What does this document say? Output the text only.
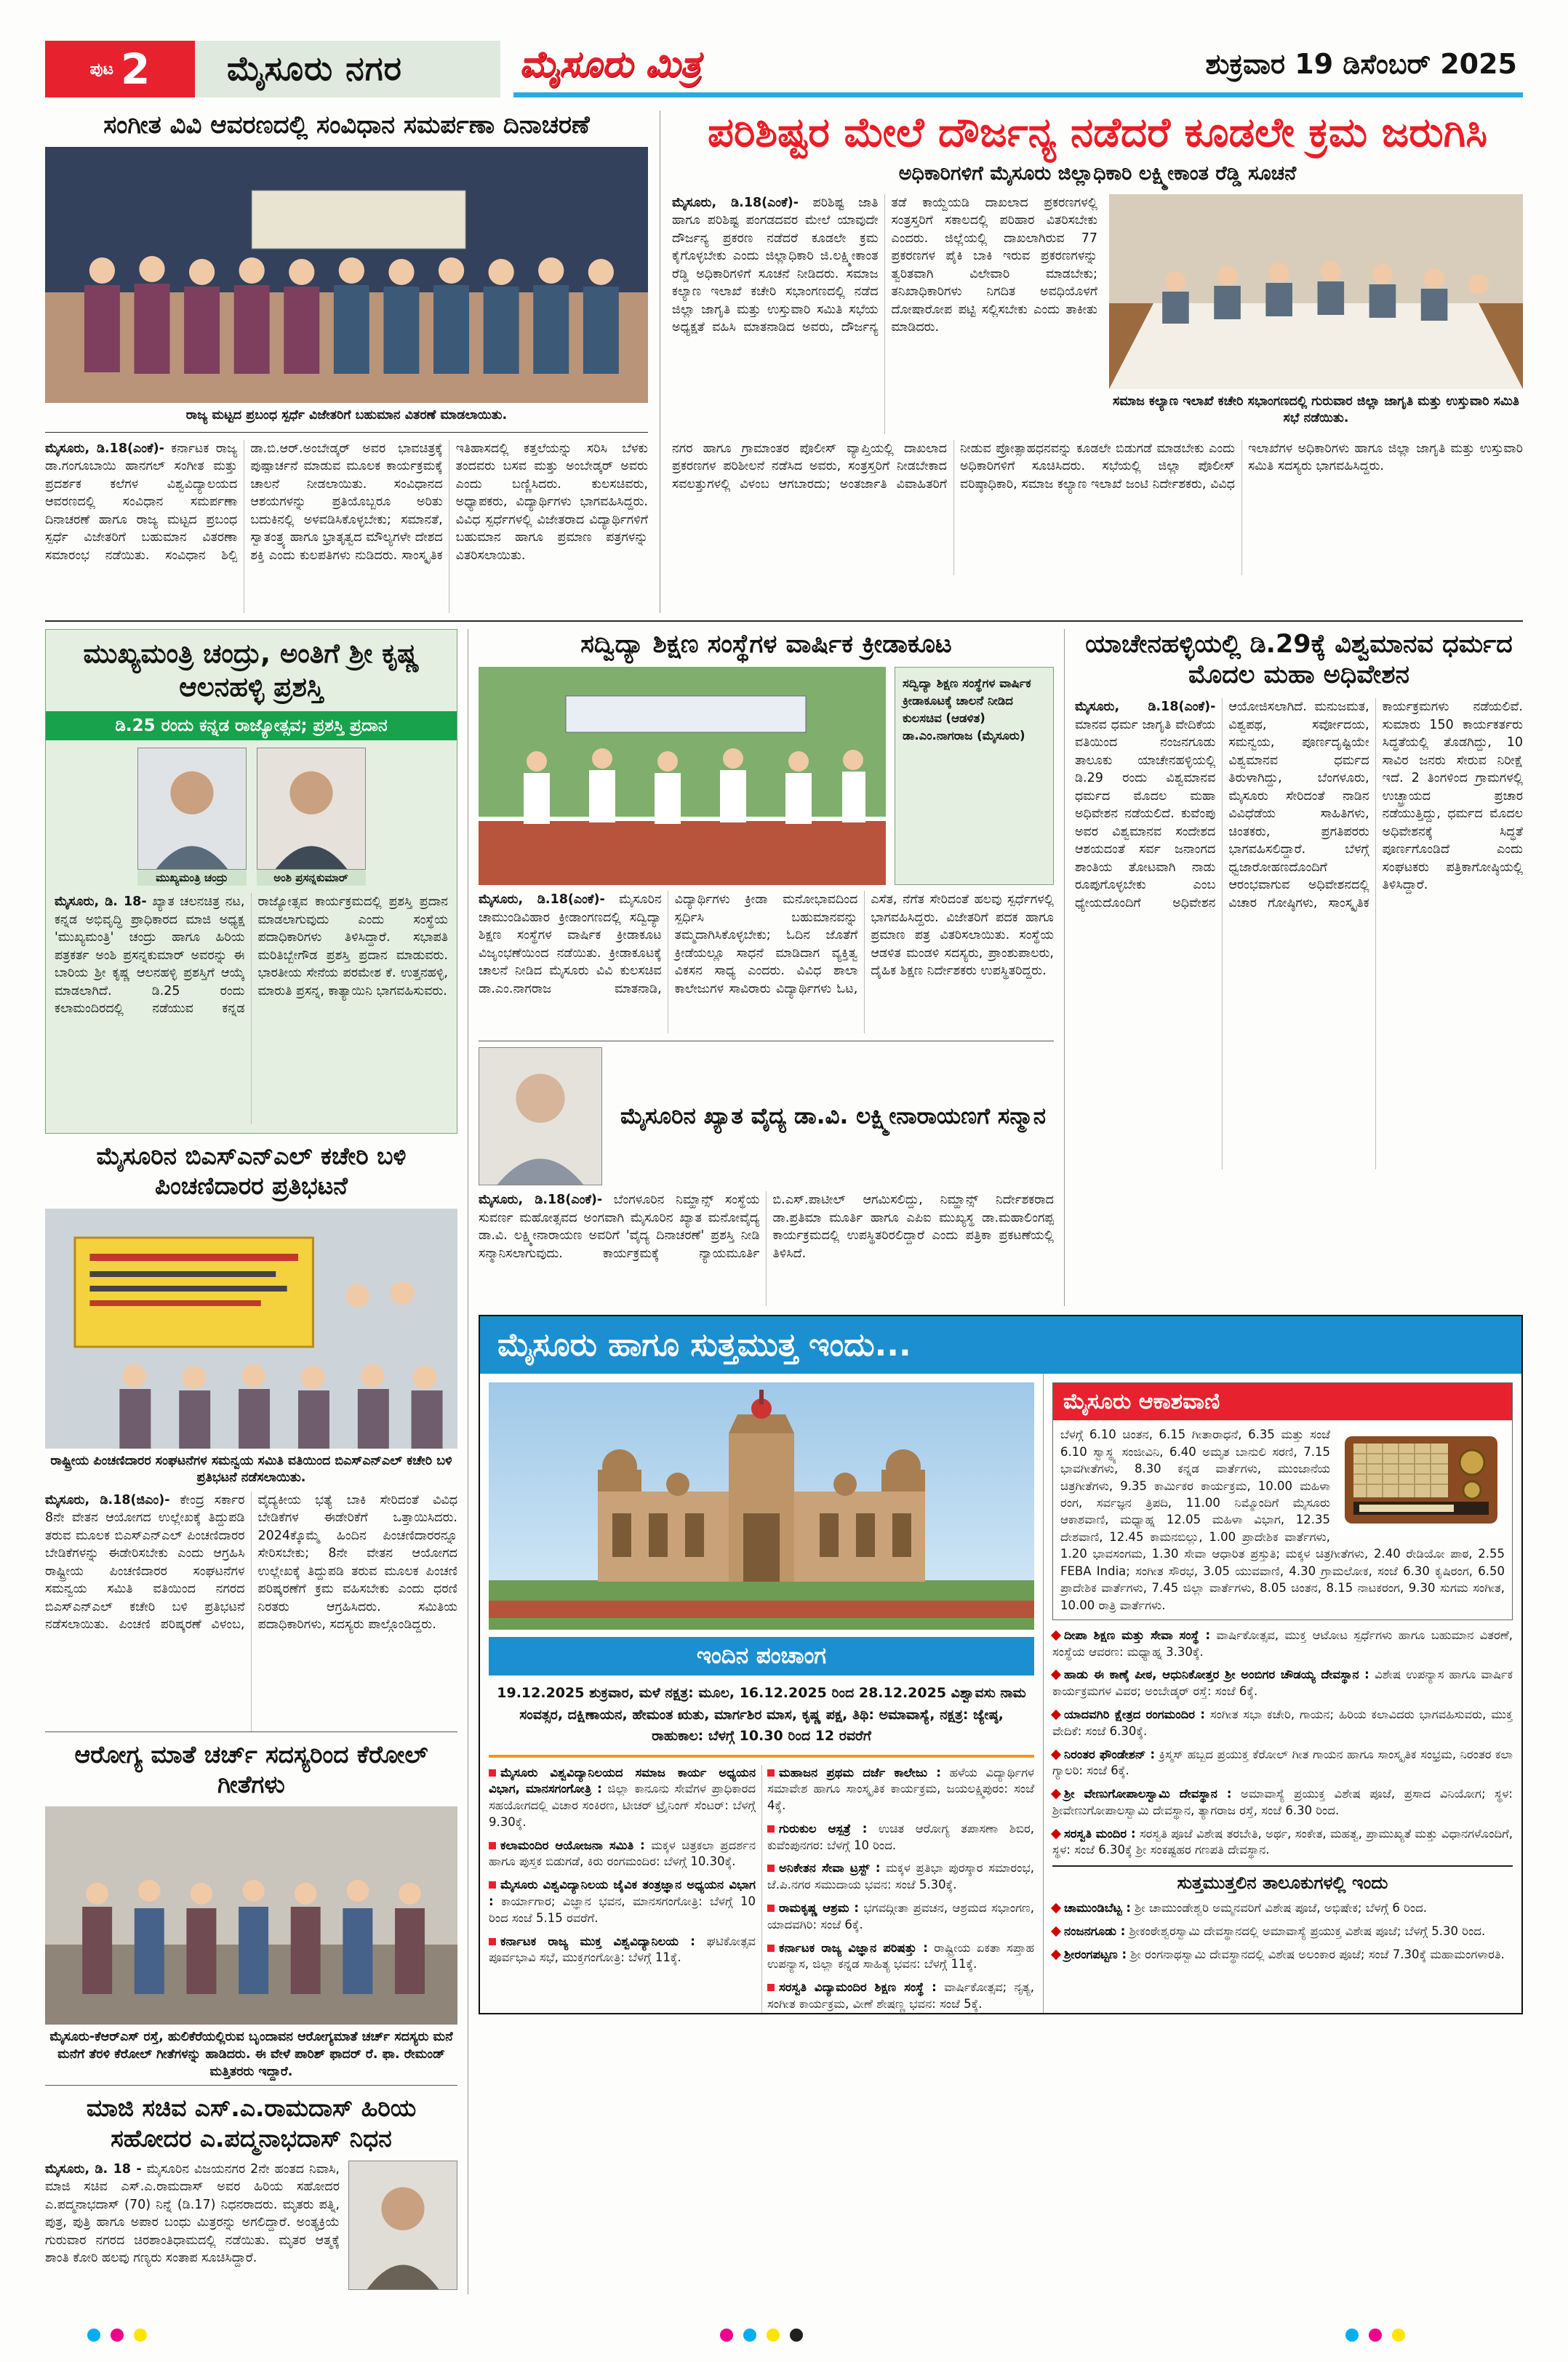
ಪುಟ 2 ಮೈಸೂರು ನಗರ	ಮೈಸೂರು ಮಿತ್ರ	ಶುಕ್ರವಾರ 19 ಡಿಸೆಂಬರ್ 2025
ಸಂಗೀತ ವಿವಿ ಆವರಣದಲ್ಲಿ ಸಂವಿಧಾನ ಸಮರ್ಪಣಾ ದಿನಾಚರಣೆ
ರಾಜ್ಯ ಮಟ್ಟದ ಪ್ರಬಂಧ ಸ್ಪರ್ಧೆ ವಿಜೇತರಿಗೆ ಬಹುಮಾನ ವಿತರಣೆ ಮಾಡಲಾಯಿತು.
ಮೈಸೂರು, ಡಿ.18(ಎಂಕೆ)- ಕರ್ನಾಟಕ ರಾಜ್ಯ ಡಾ.ಗಂಗೂಬಾಯಿ ಹಾನಗಲ್ ಸಂಗೀತ ಮತ್ತು ಪ್ರದರ್ಶಕ ಕಲೆಗಳ ವಿಶ್ವವಿದ್ಯಾಲಯದ ಆವರಣದಲ್ಲಿ ಸಂವಿಧಾನ ಸಮರ್ಪಣಾ ದಿನಾಚರಣೆ ಹಾಗೂ ರಾಜ್ಯ ಮಟ್ಟದ ಪ್ರಬಂಧ ಸ್ಪರ್ಧೆ ವಿಜೇತರಿಗೆ ಬಹುಮಾನ ವಿತರಣಾ ಸಮಾರಂಭ ನಡೆಯಿತು. ಸಂವಿಧಾನ ಶಿಲ್ಪಿ ಡಾ.ಬಿ.ಆರ್.ಅಂಬೇಡ್ಕರ್ ಅವರ ಭಾವಚಿತ್ರಕ್ಕೆ ಪುಷ್ಪಾರ್ಚನೆ ಮಾಡುವ ಮೂಲಕ ಕಾರ್ಯಕ್ರಮಕ್ಕೆ ಚಾಲನೆ ನೀಡಲಾಯಿತು. ಸಂವಿಧಾನದ ಆಶಯಗಳನ್ನು ಪ್ರತಿಯೊಬ್ಬರೂ ಅರಿತು ಬದುಕಿನಲ್ಲಿ ಅಳವಡಿಸಿಕೊಳ್ಳಬೇಕು; ಸಮಾನತೆ, ಸ್ವಾತಂತ್ರ್ಯ ಹಾಗೂ ಭ್ರಾತೃತ್ವದ ಮೌಲ್ಯಗಳೇ ದೇಶದ ಶಕ್ತಿ ಎಂದು ಕುಲಪತಿಗಳು ನುಡಿದರು. ಸಾಂಸ್ಕೃತಿಕ ಇತಿಹಾಸದಲ್ಲಿ ಕತ್ತಲೆಯನ್ನು ಸರಿಸಿ ಬೆಳಕು ತಂದವರು ಬಸವ ಮತ್ತು ಅಂಬೇಡ್ಕರ್ ಅವರು ಎಂದು ಬಣ್ಣಿಸಿದರು. ಕುಲಸಚಿವರು, ಅಧ್ಯಾಪಕರು, ವಿದ್ಯಾರ್ಥಿಗಳು ಭಾಗವಹಿಸಿದ್ದರು. ವಿವಿಧ ಸ್ಪರ್ಧೆಗಳಲ್ಲಿ ವಿಜೇತರಾದ ವಿದ್ಯಾರ್ಥಿಗಳಿಗೆ ಬಹುಮಾನ ಹಾಗೂ ಪ್ರಮಾಣ ಪತ್ರಗಳನ್ನು ವಿತರಿಸಲಾಯಿತು.
ಪರಿಶಿಷ್ಟರ ಮೇಲೆ ದೌರ್ಜನ್ಯ ನಡೆದರೆ ಕೂಡಲೇ ಕ್ರಮ ಜರುಗಿಸಿ
ಅಧಿಕಾರಿಗಳಿಗೆ ಮೈಸೂರು ಜಿಲ್ಲಾಧಿಕಾರಿ ಲಕ್ಷ್ಮೀಕಾಂತ ರೆಡ್ಡಿ ಸೂಚನೆ
ಮೈಸೂರು, ಡಿ.18(ಎಂಕೆ)- ಪರಿಶಿಷ್ಟ ಜಾತಿ ಹಾಗೂ ಪರಿಶಿಷ್ಟ ಪಂಗಡದವರ ಮೇಲೆ ಯಾವುದೇ ದೌರ್ಜನ್ಯ ಪ್ರಕರಣ ನಡೆದರೆ ಕೂಡಲೇ ಕ್ರಮ ಕೈಗೊಳ್ಳಬೇಕು ಎಂದು ಜಿಲ್ಲಾಧಿಕಾರಿ ಜಿ.ಲಕ್ಷ್ಮೀಕಾಂತ ರೆಡ್ಡಿ ಅಧಿಕಾರಿಗಳಿಗೆ ಸೂಚನೆ ನೀಡಿದರು. ಸಮಾಜ ಕಲ್ಯಾಣ ಇಲಾಖೆ ಕಚೇರಿ ಸಭಾಂಗಣದಲ್ಲಿ ನಡೆದ ಜಿಲ್ಲಾ ಜಾಗೃತಿ ಮತ್ತು ಉಸ್ತುವಾರಿ ಸಮಿತಿ ಸಭೆಯ ಅಧ್ಯಕ್ಷತೆ ವಹಿಸಿ ಮಾತನಾಡಿದ ಅವರು, ದೌರ್ಜನ್ಯ ತಡೆ ಕಾಯ್ದೆಯಡಿ ದಾಖಲಾದ ಪ್ರಕರಣಗಳಲ್ಲಿ ಸಂತ್ರಸ್ತರಿಗೆ ಸಕಾಲದಲ್ಲಿ ಪರಿಹಾರ ವಿತರಿಸಬೇಕು ಎಂದರು. ಜಿಲ್ಲೆಯಲ್ಲಿ ದಾಖಲಾಗಿರುವ 77 ಪ್ರಕರಣಗಳ ಪೈಕಿ ಬಾಕಿ ಇರುವ ಪ್ರಕರಣಗಳನ್ನು ತ್ವರಿತವಾಗಿ ವಿಲೇವಾರಿ ಮಾಡಬೇಕು; ತನಿಖಾಧಿಕಾರಿಗಳು ನಿಗದಿತ ಅವಧಿಯೊಳಗೆ ದೋಷಾರೋಪ ಪಟ್ಟಿ ಸಲ್ಲಿಸಬೇಕು ಎಂದು ತಾಕೀತು ಮಾಡಿದರು.
ಸಮಾಜ ಕಲ್ಯಾಣ ಇಲಾಖೆ ಕಚೇರಿ ಸಭಾಂಗಣದಲ್ಲಿ ಗುರುವಾರ ಜಿಲ್ಲಾ ಜಾಗೃತಿ ಮತ್ತು ಉಸ್ತುವಾರಿ ಸಮಿತಿ ಸಭೆ ನಡೆಯಿತು.
ನಗರ ಹಾಗೂ ಗ್ರಾಮಾಂತರ ಪೊಲೀಸ್ ವ್ಯಾಪ್ತಿಯಲ್ಲಿ ದಾಖಲಾದ ಪ್ರಕರಣಗಳ ಪರಿಶೀಲನೆ ನಡೆಸಿದ ಅವರು, ಸಂತ್ರಸ್ತರಿಗೆ ನೀಡಬೇಕಾದ ಸವಲತ್ತುಗಳಲ್ಲಿ ವಿಳಂಬ ಆಗಬಾರದು; ಅಂತರ್ಜಾತಿ ವಿವಾಹಿತರಿಗೆ ನೀಡುವ ಪ್ರೋತ್ಸಾಹಧನವನ್ನು ಕೂಡಲೇ ಬಿಡುಗಡೆ ಮಾಡಬೇಕು ಎಂದು ಅಧಿಕಾರಿಗಳಿಗೆ ಸೂಚಿಸಿದರು. ಸಭೆಯಲ್ಲಿ ಜಿಲ್ಲಾ ಪೊಲೀಸ್ ವರಿಷ್ಠಾಧಿಕಾರಿ, ಸಮಾಜ ಕಲ್ಯಾಣ ಇಲಾಖೆ ಜಂಟಿ ನಿರ್ದೇಶಕರು, ವಿವಿಧ ಇಲಾಖೆಗಳ ಅಧಿಕಾರಿಗಳು ಹಾಗೂ ಜಿಲ್ಲಾ ಜಾಗೃತಿ ಮತ್ತು ಉಸ್ತುವಾರಿ ಸಮಿತಿ ಸದಸ್ಯರು ಭಾಗವಹಿಸಿದ್ದರು.
ಮುಖ್ಯಮಂತ್ರಿ ಚಂದ್ರು, ಅಂತಿಗೆ ಶ್ರೀ ಕೃಷ್ಣ ಆಲನಹಳ್ಳಿ ಪ್ರಶಸ್ತಿ
ಡಿ.25 ರಂದು ಕನ್ನಡ ರಾಜ್ಯೋತ್ಸವ; ಪ್ರಶಸ್ತಿ ಪ್ರದಾನ
ಮುಖ್ಯಮಂತ್ರಿ ಚಂದ್ರು	ಅಂಶಿ ಪ್ರಸನ್ನಕುಮಾರ್
ಮೈಸೂರು, ಡಿ. 18- ಖ್ಯಾತ ಚಲನಚಿತ್ರ ನಟ, ಕನ್ನಡ ಅಭಿವೃದ್ಧಿ ಪ್ರಾಧಿಕಾರದ ಮಾಜಿ ಅಧ್ಯಕ್ಷ 'ಮುಖ್ಯಮಂತ್ರಿ' ಚಂದ್ರು ಹಾಗೂ ಹಿರಿಯ ಪತ್ರಕರ್ತ ಅಂಶಿ ಪ್ರಸನ್ನಕುಮಾರ್ ಅವರನ್ನು ಈ ಬಾರಿಯ ಶ್ರೀ ಕೃಷ್ಣ ಆಲನಹಳ್ಳಿ ಪ್ರಶಸ್ತಿಗೆ ಆಯ್ಕೆ ಮಾಡಲಾಗಿದೆ. ಡಿ.25 ರಂದು ಕಲಾಮಂದಿರದಲ್ಲಿ ನಡೆಯುವ ಕನ್ನಡ ರಾಜ್ಯೋತ್ಸವ ಕಾರ್ಯಕ್ರಮದಲ್ಲಿ ಪ್ರಶಸ್ತಿ ಪ್ರದಾನ ಮಾಡಲಾಗುವುದು ಎಂದು ಸಂಸ್ಥೆಯ ಪದಾಧಿಕಾರಿಗಳು ತಿಳಿಸಿದ್ದಾರೆ. ಸಭಾಪತಿ ಮರಿತಿಬ್ಬೇಗೌಡ ಪ್ರಶಸ್ತಿ ಪ್ರದಾನ ಮಾಡುವರು. ಭಾರತೀಯ ಸೇನೆಯ ಪರಮೇಶ ಕೆ. ಉತ್ತನಹಳ್ಳಿ, ಮಾರುತಿ ಪ್ರಸನ್ನ, ಕಾತ್ಯಾಯಿನಿ ಭಾಗವಹಿಸುವರು.
ಮೈಸೂರಿನ ಬಿಎಸ್‌ಎನ್‌ಎಲ್ ಕಚೇರಿ ಬಳಿ ಪಿಂಚಣಿದಾರರ ಪ್ರತಿಭಟನೆ
ರಾಷ್ಟ್ರೀಯ ಪಿಂಚಣಿದಾರರ ಸಂಘಟನೆಗಳ ಸಮನ್ವಯ ಸಮಿತಿ ವತಿಯಿಂದ ಬಿಎಸ್‌ಎನ್‌ಎಲ್ ಕಚೇರಿ ಬಳಿ ಪ್ರತಿಭಟನೆ ನಡೆಸಲಾಯಿತು.
ಮೈಸೂರು, ಡಿ.18(ಜಿಎಂ)- ಕೇಂದ್ರ ಸರ್ಕಾರ 8ನೇ ವೇತನ ಆಯೋಗದ ಉಲ್ಲೇಖಕ್ಕೆ ತಿದ್ದುಪಡಿ ತರುವ ಮೂಲಕ ಬಿಎಸ್‌ಎನ್‌ಎಲ್ ಪಿಂಚಣಿದಾರರ ಬೇಡಿಕೆಗಳನ್ನು ಈಡೇರಿಸಬೇಕು ಎಂದು ಆಗ್ರಹಿಸಿ ರಾಷ್ಟ್ರೀಯ ಪಿಂಚಣಿದಾರರ ಸಂಘಟನೆಗಳ ಸಮನ್ವಯ ಸಮಿತಿ ವತಿಯಿಂದ ನಗರದ ಬಿಎಸ್‌ಎನ್‌ಎಲ್ ಕಚೇರಿ ಬಳಿ ಪ್ರತಿಭಟನೆ ನಡೆಸಲಾಯಿತು. ಪಿಂಚಣಿ ಪರಿಷ್ಕರಣೆ ವಿಳಂಬ, ವೈದ್ಯಕೀಯ ಭತ್ಯೆ ಬಾಕಿ ಸೇರಿದಂತೆ ವಿವಿಧ ಬೇಡಿಕೆಗಳ ಈಡೇರಿಕೆಗೆ ಒತ್ತಾಯಿಸಿದರು. 2024ಕ್ಕೊಮ್ಮೆ ಹಿಂದಿನ ಪಿಂಚಣಿದಾರರನ್ನೂ ಸೇರಿಸಬೇಕು; 8ನೇ ವೇತನ ಆಯೋಗದ ಉಲ್ಲೇಖಕ್ಕೆ ತಿದ್ದುಪಡಿ ತರುವ ಮೂಲಕ ಪಿಂಚಣಿ ಪರಿಷ್ಕರಣೆಗೆ ಕ್ರಮ ವಹಿಸಬೇಕು ಎಂದು ಧರಣಿ ನಿರತರು ಆಗ್ರಹಿಸಿದರು. ಸಮಿತಿಯ ಪದಾಧಿಕಾರಿಗಳು, ಸದಸ್ಯರು ಪಾಲ್ಗೊಂಡಿದ್ದರು.
ಆರೋಗ್ಯ ಮಾತೆ ಚರ್ಚ್ ಸದಸ್ಯರಿಂದ ಕೆರೋಲ್ ಗೀತೆಗಳು
ಮೈಸೂರು-ಕೆಆರ್‌ಎಸ್ ರಸ್ತೆ, ಹುಲಿಕೆರೆಯಲ್ಲಿರುವ ಬೃಂದಾವನ ಆರೋಗ್ಯಮಾತೆ ಚರ್ಚ್ ಸದಸ್ಯರು ಮನೆ ಮನೆಗೆ ತೆರಳಿ ಕೆರೋಲ್ ಗೀತೆಗಳನ್ನು ಹಾಡಿದರು. ಈ ವೇಳೆ ಪಾರಿಶ್ ಫಾದರ್ ರೆ. ಫಾ. ರೇಮಂಡ್ ಮತ್ತಿತರರು ಇದ್ದಾರೆ.
ಮಾಜಿ ಸಚಿವ ಎಸ್.ಎ.ರಾಮದಾಸ್ ಹಿರಿಯ ಸಹೋದರ ಎ.ಪದ್ಮನಾಭದಾಸ್ ನಿಧನ
ಮೈಸೂರು, ಡಿ. 18 - ಮೈಸೂರಿನ ವಿಜಯನಗರ 2ನೇ ಹಂತದ ನಿವಾಸಿ, ಮಾಜಿ ಸಚಿವ ಎಸ್.ಎ.ರಾಮದಾಸ್ ಅವರ ಹಿರಿಯ ಸಹೋದರ ಎ.ಪದ್ಮನಾಭದಾಸ್ (70) ನಿನ್ನೆ (ಡಿ.17) ನಿಧನರಾದರು. ಮೃತರು ಪತ್ನಿ, ಪುತ್ರ, ಪುತ್ರಿ ಹಾಗೂ ಅಪಾರ ಬಂಧು ಮಿತ್ರರನ್ನು ಅಗಲಿದ್ದಾರೆ. ಅಂತ್ಯಕ್ರಿಯೆ ಗುರುವಾರ ನಗರದ ಚಿರಶಾಂತಿಧಾಮದಲ್ಲಿ ನಡೆಯಿತು. ಮೃತರ ಆತ್ಮಕ್ಕೆ ಶಾಂತಿ ಕೋರಿ ಹಲವು ಗಣ್ಯರು ಸಂತಾಪ ಸೂಚಿಸಿದ್ದಾರೆ.
ಸದ್ವಿದ್ಯಾ ಶಿಕ್ಷಣ ಸಂಸ್ಥೆಗಳ ವಾರ್ಷಿಕ ಕ್ರೀಡಾಕೂಟ
ಸದ್ವಿದ್ಯಾ ಶಿಕ್ಷಣ ಸಂಸ್ಥೆಗಳ ವಾರ್ಷಿಕ ಕ್ರೀಡಾಕೂಟಕ್ಕೆ ಚಾಲನೆ ನೀಡಿದ ಕುಲಸಚಿವ (ಆಡಳಿತ) ಡಾ.ಎಂ.ನಾಗರಾಜ (ಮೈಸೂರು)
ಮೈಸೂರು, ಡಿ.18(ಎಂಕೆ)- ಮೈಸೂರಿನ ಚಾಮುಂಡಿವಿಹಾರ ಕ್ರೀಡಾಂಗಣದಲ್ಲಿ ಸದ್ವಿದ್ಯಾ ಶಿಕ್ಷಣ ಸಂಸ್ಥೆಗಳ ವಾರ್ಷಿಕ ಕ್ರೀಡಾಕೂಟ ವಿಜೃಂಭಣೆಯಿಂದ ನಡೆಯಿತು. ಕ್ರೀಡಾಕೂಟಕ್ಕೆ ಚಾಲನೆ ನೀಡಿದ ಮೈಸೂರು ವಿವಿ ಕುಲಸಚಿವ ಡಾ.ಎಂ.ನಾಗರಾಜ ಮಾತನಾಡಿ, ವಿದ್ಯಾರ್ಥಿಗಳು ಕ್ರೀಡಾ ಮನೋಭಾವದಿಂದ ಸ್ಪರ್ಧಿಸಿ ಬಹುಮಾನವನ್ನು ತಮ್ಮದಾಗಿಸಿಕೊಳ್ಳಬೇಕು; ಓದಿನ ಜೊತೆಗೆ ಕ್ರೀಡೆಯಲ್ಲೂ ಸಾಧನೆ ಮಾಡಿದಾಗ ವ್ಯಕ್ತಿತ್ವ ವಿಕಸನ ಸಾಧ್ಯ ಎಂದರು. ವಿವಿಧ ಶಾಲಾ ಕಾಲೇಜುಗಳ ಸಾವಿರಾರು ವಿದ್ಯಾರ್ಥಿಗಳು ಓಟ, ಎಸೆತ, ನೆಗೆತ ಸೇರಿದಂತೆ ಹಲವು ಸ್ಪರ್ಧೆಗಳಲ್ಲಿ ಭಾಗವಹಿಸಿದ್ದರು. ವಿಜೇತರಿಗೆ ಪದಕ ಹಾಗೂ ಪ್ರಮಾಣ ಪತ್ರ ವಿತರಿಸಲಾಯಿತು. ಸಂಸ್ಥೆಯ ಆಡಳಿತ ಮಂಡಳಿ ಸದಸ್ಯರು, ಪ್ರಾಂಶುಪಾಲರು, ದೈಹಿಕ ಶಿಕ್ಷಣ ನಿರ್ದೇಶಕರು ಉಪಸ್ಥಿತರಿದ್ದರು.
ಮೈಸೂರಿನ ಖ್ಯಾತ ವೈದ್ಯ ಡಾ.ವಿ. ಲಕ್ಷ್ಮೀನಾರಾಯಣಗೆ ಸನ್ಮಾನ
ಮೈಸೂರು, ಡಿ.18(ಎಂಕೆ)- ಬೆಂಗಳೂರಿನ ನಿಮ್ಹಾನ್ಸ್ ಸಂಸ್ಥೆಯ ಸುವರ್ಣ ಮಹೋತ್ಸವದ ಅಂಗವಾಗಿ ಮೈಸೂರಿನ ಖ್ಯಾತ ಮನೋವೈದ್ಯ ಡಾ.ವಿ. ಲಕ್ಷ್ಮೀನಾರಾಯಣ ಅವರಿಗೆ 'ವೈದ್ಯ ದಿನಾಚರಣೆ' ಪ್ರಶಸ್ತಿ ನೀಡಿ ಸನ್ಮಾನಿಸಲಾಗುವುದು. ಕಾರ್ಯಕ್ರಮಕ್ಕೆ ನ್ಯಾಯಮೂರ್ತಿ ಬಿ.ಎಸ್.ಪಾಟೀಲ್ ಆಗಮಿಸಲಿದ್ದು, ನಿಮ್ಹಾನ್ಸ್ ನಿರ್ದೇಶಕರಾದ ಡಾ.ಪ್ರತಿಮಾ ಮೂರ್ತಿ ಹಾಗೂ ಎಪಿಐ ಮುಖ್ಯಸ್ಥ ಡಾ.ಮಹಾಲಿಂಗಪ್ಪ ಕಾರ್ಯಕ್ರಮದಲ್ಲಿ ಉಪಸ್ಥಿತರಿರಲಿದ್ದಾರೆ ಎಂದು ಪತ್ರಿಕಾ ಪ್ರಕಟಣೆಯಲ್ಲಿ ತಿಳಿಸಿದೆ.
ಯಾಚೇನಹಳ್ಳಿಯಲ್ಲಿ ಡಿ.29ಕ್ಕೆ ವಿಶ್ವಮಾನವ ಧರ್ಮದ ಮೊದಲ ಮಹಾ ಅಧಿವೇಶನ
ಮೈಸೂರು, ಡಿ.18(ಎಂಕೆ)- ಮಾನವ ಧರ್ಮ ಜಾಗೃತಿ ವೇದಿಕೆಯ ವತಿಯಿಂದ ನಂಜನಗೂಡು ತಾಲೂಕು ಯಾಚೇನಹಳ್ಳಿಯಲ್ಲಿ ಡಿ.29 ರಂದು ವಿಶ್ವಮಾನವ ಧರ್ಮದ ಮೊದಲ ಮಹಾ ಅಧಿವೇಶನ ನಡೆಯಲಿದೆ. ಕುವೆಂಪು ಅವರ ವಿಶ್ವಮಾನವ ಸಂದೇಶದ ಆಶಯದಂತೆ ಸರ್ವ ಜನಾಂಗದ ಶಾಂತಿಯ ತೋಟವಾಗಿ ನಾಡು ರೂಪುಗೊಳ್ಳಬೇಕು ಎಂಬ ಧ್ಯೇಯದೊಂದಿಗೆ ಅಧಿವೇಶನ ಆಯೋಜಿಸಲಾಗಿದೆ. ಮನುಜಮತ, ವಿಶ್ವಪಥ, ಸರ್ವೋದಯ, ಸಮನ್ವಯ, ಪೂರ್ಣದೃಷ್ಟಿಯೇ ವಿಶ್ವಮಾನವ ಧರ್ಮದ ತಿರುಳಾಗಿದ್ದು, ಬೆಂಗಳೂರು, ಮೈಸೂರು ಸೇರಿದಂತೆ ನಾಡಿನ ವಿವಿಧೆಡೆಯ ಸಾಹಿತಿಗಳು, ಚಿಂತಕರು, ಪ್ರಗತಿಪರರು ಭಾಗವಹಿಸಲಿದ್ದಾರೆ. ಬೆಳಗ್ಗೆ ಧ್ವಜಾರೋಹಣದೊಂದಿಗೆ ಆರಂಭವಾಗುವ ಅಧಿವೇಶನದಲ್ಲಿ ವಿಚಾರ ಗೋಷ್ಠಿಗಳು, ಸಾಂಸ್ಕೃತಿಕ ಕಾರ್ಯಕ್ರಮಗಳು ನಡೆಯಲಿವೆ. ಸುಮಾರು 150 ಕಾರ್ಯಕರ್ತರು ಸಿದ್ಧತೆಯಲ್ಲಿ ತೊಡಗಿದ್ದು, 10 ಸಾವಿರ ಜನರು ಸೇರುವ ನಿರೀಕ್ಷೆ ಇದೆ. 2 ತಿಂಗಳಿಂದ ಗ್ರಾಮಗಳಲ್ಲಿ ಉಚ್ಛ್ರಾಯದ ಪ್ರಚಾರ ನಡೆಯುತ್ತಿದ್ದು, ಧರ್ಮದ ಮೊದಲ ಅಧಿವೇಶನಕ್ಕೆ ಸಿದ್ಧತೆ ಪೂರ್ಣಗೊಂಡಿದೆ ಎಂದು ಸಂಘಟಕರು ಪತ್ರಿಕಾಗೋಷ್ಠಿಯಲ್ಲಿ ತಿಳಿಸಿದ್ದಾರೆ.
ಮೈಸೂರು ಹಾಗೂ ಸುತ್ತಮುತ್ತ ಇಂದು...
ಇಂದಿನ ಪಂಚಾಂಗ
19.12.2025 ಶುಕ್ರವಾರ, ಮಳೆ ನಕ್ಷತ್ರ: ಮೂಲ, 16.12.2025 ರಿಂದ 28.12.2025 ವಿಶ್ವಾವಸು ನಾಮ ಸಂವತ್ಸರ, ದಕ್ಷಿಣಾಯನ, ಹೇಮಂತ ಋತು, ಮಾರ್ಗಶಿರ ಮಾಸ, ಕೃಷ್ಣ ಪಕ್ಷ, ತಿಥಿ: ಅಮಾವಾಸ್ಯೆ, ನಕ್ಷತ್ರ: ಜ್ಯೇಷ್ಠ, ರಾಹುಕಾಲ: ಬೆಳಗ್ಗೆ 10.30 ರಿಂದ 12 ರವರೆಗೆ
ಮೈಸೂರು ವಿಶ್ವವಿದ್ಯಾನಿಲಯದ ಸಮಾಜ ಕಾರ್ಯ ಅಧ್ಯಯನ ವಿಭಾಗ, ಮಾನಸಗಂಗೋತ್ರಿ : ಜಿಲ್ಲಾ ಕಾನೂನು ಸೇವೆಗಳ ಪ್ರಾಧಿಕಾರದ ಸಹಯೋಗದಲ್ಲಿ ವಿಚಾರ ಸಂಕಿರಣ, ಟೀಚರ್ ಟ್ರೈನಿಂಗ್ ಸೆಂಟರ್: ಬೆಳಗ್ಗೆ 9.30ಕ್ಕೆ.
ಕಲಾಮಂದಿರ ಆಯೋಜನಾ ಸಮಿತಿ : ಮಕ್ಕಳ ಚಿತ್ರಕಲಾ ಪ್ರದರ್ಶನ ಹಾಗೂ ಪುಸ್ತಕ ಬಿಡುಗಡೆ, ಕಿರು ರಂಗಮಂದಿರ: ಬೆಳಗ್ಗೆ 10.30ಕ್ಕೆ.
ಮೈಸೂರು ವಿಶ್ವವಿದ್ಯಾನಿಲಯ ಜೈವಿಕ ತಂತ್ರಜ್ಞಾನ ಅಧ್ಯಯನ ವಿಭಾಗ : ಕಾರ್ಯಾಗಾರ; ವಿಜ್ಞಾನ ಭವನ, ಮಾನಸಗಂಗೋತ್ರಿ: ಬೆಳಗ್ಗೆ 10 ರಿಂದ ಸಂಜೆ 5.15 ರವರೆಗೆ.
ಕರ್ನಾಟಕ ರಾಜ್ಯ ಮುಕ್ತ ವಿಶ್ವವಿದ್ಯಾನಿಲಯ : ಘಟಿಕೋತ್ಸವ ಪೂರ್ವಭಾವಿ ಸಭೆ, ಮುಕ್ತಗಂಗೋತ್ರಿ: ಬೆಳಗ್ಗೆ 11ಕ್ಕೆ.
ಮಹಾಜನ ಪ್ರಥಮ ದರ್ಜೆ ಕಾಲೇಜು : ಹಳೆಯ ವಿದ್ಯಾರ್ಥಿಗಳ ಸಮಾವೇಶ ಹಾಗೂ ಸಾಂಸ್ಕೃತಿಕ ಕಾರ್ಯಕ್ರಮ, ಜಯಲಕ್ಷ್ಮಿಪುರಂ: ಸಂಜೆ 4ಕ್ಕೆ.
ಗುರುಕುಲ ಆಸ್ಪತ್ರೆ : ಉಚಿತ ಆರೋಗ್ಯ ತಪಾಸಣಾ ಶಿಬಿರ, ಕುವೆಂಪುನಗರ: ಬೆಳಗ್ಗೆ 10 ರಿಂದ.
ಅನಿಕೇತನ ಸೇವಾ ಟ್ರಸ್ಟ್ : ಮಕ್ಕಳ ಪ್ರತಿಭಾ ಪುರಸ್ಕಾರ ಸಮಾರಂಭ, ಜೆ.ಪಿ.ನಗರ ಸಮುದಾಯ ಭವನ: ಸಂಜೆ 5.30ಕ್ಕೆ.
ರಾಮಕೃಷ್ಣ ಆಶ್ರಮ : ಭಗವದ್ಗೀತಾ ಪ್ರವಚನ, ಆಶ್ರಮದ ಸಭಾಂಗಣ, ಯಾದವಗಿರಿ: ಸಂಜೆ 6ಕ್ಕೆ.
ಕರ್ನಾಟಕ ರಾಜ್ಯ ವಿಜ್ಞಾನ ಪರಿಷತ್ತು : ರಾಷ್ಟ್ರೀಯ ಏಕತಾ ಸಪ್ತಾಹ ಉಪನ್ಯಾಸ, ಜಿಲ್ಲಾ ಕನ್ನಡ ಸಾಹಿತ್ಯ ಭವನ: ಬೆಳಗ್ಗೆ 11ಕ್ಕೆ.
ಸರಸ್ವತಿ ವಿದ್ಯಾಮಂದಿರ ಶಿಕ್ಷಣ ಸಂಸ್ಥೆ : ವಾರ್ಷಿಕೋತ್ಸವ; ನೃತ್ಯ, ಸಂಗೀತ ಕಾರ್ಯಕ್ರಮ, ವೀಣೆ ಶೇಷಣ್ಣ ಭವನ: ಸಂಜೆ 5ಕ್ಕೆ.
ಮೈಸೂರು ಆಕಾಶವಾಣಿ
ಬೆಳಗ್ಗೆ 6.10 ಚಿಂತನ, 6.15 ಗೀತಾರಾಧನೆ, 6.35 ಮತ್ತು ಸಂಜೆ 6.10 ಸ್ವಾಸ್ಥ್ಯ ಸಂಜೀವಿನಿ, 6.40 ಅಮೃತ ಬಾನುಲಿ ಸರಣಿ, 7.15 ಭಾವಗೀತೆಗಳು, 8.30 ಕನ್ನಡ ವಾರ್ತೆಗಳು, ಮುಂಜಾನೆಯ ಚಿತ್ರಗೀತೆಗಳು, 9.35 ಕಾರ್ಮಿಕರ ಕಾರ್ಯಕ್ರಮ, 10.00 ಮಹಿಳಾ ರಂಗ, ಸರ್ವಜ್ಞನ ತ್ರಿಪದಿ, 11.00 ನಿಮ್ಮೊಂದಿಗೆ ಮೈಸೂರು ಆಕಾಶವಾಣಿ, ಮಧ್ಯಾಹ್ನ 12.05 ಮಹಿಳಾ ವಿಭಾಗ, 12.35 ದೇಶವಾಣಿ, 12.45 ಕಾಮನಬಿಲ್ಲು, 1.00 ಪ್ರಾದೇಶಿಕ ವಾರ್ತೆಗಳು, 1.20 ಭಾವಸಂಗಮ, 1.30 ಸೇವಾ ಆಧಾರಿತ ಪ್ರಸ್ತುತಿ; ಮಕ್ಕಳ ಚಿತ್ರಗೀತೆಗಳು, 2.40 ರೇಡಿಯೋ ಪಾಠ, 2.55 FEBA India; ಸಂಗೀತ ಸೌರಭ, 3.05 ಯುವವಾಣಿ, 4.30 ಗ್ರಾಮಲೋಕ, ಸಂಜೆ 6.30 ಕೃಷಿರಂಗ, 6.50 ಪ್ರಾದೇಶಿಕ ವಾರ್ತೆಗಳು, 7.45 ಜಿಲ್ಲಾ ವಾರ್ತೆಗಳು, 8.05 ಚಿಂತನ, 8.15 ನಾಟಕರಂಗ, 9.30 ಸುಗಮ ಸಂಗೀತ, 10.00 ರಾತ್ರಿ ವಾರ್ತೆಗಳು.
ದೀಪಾ ಶಿಕ್ಷಣ ಮತ್ತು ಸೇವಾ ಸಂಸ್ಥೆ : ವಾರ್ಷಿಕೋತ್ಸವ, ಮುಕ್ತ ಆಟೋಟ ಸ್ಪರ್ಧೆಗಳು ಹಾಗೂ ಬಹುಮಾನ ವಿತರಣೆ, ಸಂಸ್ಥೆಯ ಆವರಣ: ಮಧ್ಯಾಹ್ನ 3.30ಕ್ಕೆ.
ಹಾಡು ಈ ಕಾಣ್ಕೆ ಪೀಠ, ಆಧುನಿಕೋತ್ತರ ಶ್ರೀ ಅಂಬಿಗರ ಚೌಡಯ್ಯ ದೇವಸ್ಥಾನ : ವಿಶೇಷ ಉಪನ್ಯಾಸ ಹಾಗೂ ವಾರ್ಷಿಕ ಕಾರ್ಯಕ್ರಮಗಳ ವಿವರ; ಅಂಬೇಡ್ಕರ್ ರಸ್ತೆ: ಸಂಜೆ 6ಕ್ಕೆ.
ಯಾದವಗಿರಿ ಕ್ಷೇತ್ರದ ರಂಗಮಂದಿರ : ಸಂಗೀತ ಸಭಾ ಕಚೇರಿ, ಗಾಯನ; ಹಿರಿಯ ಕಲಾವಿದರು ಭಾಗವಹಿಸುವರು, ಮುಕ್ತ ವೇದಿಕೆ: ಸಂಜೆ 6.30ಕ್ಕೆ.
ನಿರಂತರ ಫೌಂಡೇಶನ್ : ಕ್ರಿಸ್ಮಸ್ ಹಬ್ಬದ ಪ್ರಯುಕ್ತ ಕೆರೋಲ್ ಗೀತ ಗಾಯನ ಹಾಗೂ ಸಾಂಸ್ಕೃತಿಕ ಸಂಭ್ರಮ, ನಿರಂತರ ಕಲಾ ಗ್ಯಾಲರಿ: ಸಂಜೆ 6ಕ್ಕೆ.
ಶ್ರೀ ವೇಣುಗೋಪಾಲಸ್ವಾಮಿ ದೇವಸ್ಥಾನ : ಅಮಾವಾಸ್ಯೆ ಪ್ರಯುಕ್ತ ವಿಶೇಷ ಪೂಜೆ, ಪ್ರಸಾದ ವಿನಿಯೋಗ; ಸ್ಥಳ: ಶ್ರೀವೇಣುಗೋಪಾಲಸ್ವಾಮಿ ದೇವಸ್ಥಾನ, ತ್ಯಾಗರಾಜ ರಸ್ತೆ, ಸಂಜೆ 6.30 ರಿಂದ.
ಸರಸ್ವತಿ ಮಂದಿರ : ಸರಸ್ವತಿ ಪೂಜೆ ವಿಶೇಷ ತರಬೇತಿ, ಅರ್ಥ, ಸಂಕೇತ, ಮಹತ್ವ, ಪ್ರಾಮುಖ್ಯತೆ ಮತ್ತು ವಿಧಾನಗಳೊಂದಿಗೆ, ಸ್ಥಳ: ಸಂಜೆ 6.30ಕ್ಕೆ ಶ್ರೀ ಸಂಕಷ್ಟಹರ ಗಣಪತಿ ದೇವಸ್ಥಾನ.
ಸುತ್ತಮುತ್ತಲಿನ ತಾಲೂಕುಗಳಲ್ಲಿ ಇಂದು
ಚಾಮುಂಡಿಬೆಟ್ಟ : ಶ್ರೀ ಚಾಮುಂಡೇಶ್ವರಿ ಅಮ್ಮನವರಿಗೆ ವಿಶೇಷ ಪೂಜೆ, ಅಭಿಷೇಕ; ಬೆಳಗ್ಗೆ 6 ರಿಂದ.
ನಂಜನಗೂಡು : ಶ್ರೀಕಂಠೇಶ್ವರಸ್ವಾಮಿ ದೇವಸ್ಥಾನದಲ್ಲಿ ಅಮಾವಾಸ್ಯೆ ಪ್ರಯುಕ್ತ ವಿಶೇಷ ಪೂಜೆ; ಬೆಳಗ್ಗೆ 5.30 ರಿಂದ.
ಶ್ರೀರಂಗಪಟ್ಟಣ : ಶ್ರೀ ರಂಗನಾಥಸ್ವಾಮಿ ದೇವಸ್ಥಾನದಲ್ಲಿ ವಿಶೇಷ ಅಲಂಕಾರ ಪೂಜೆ; ಸಂಜೆ 7.30ಕ್ಕೆ ಮಹಾಮಂಗಳಾರತಿ.
